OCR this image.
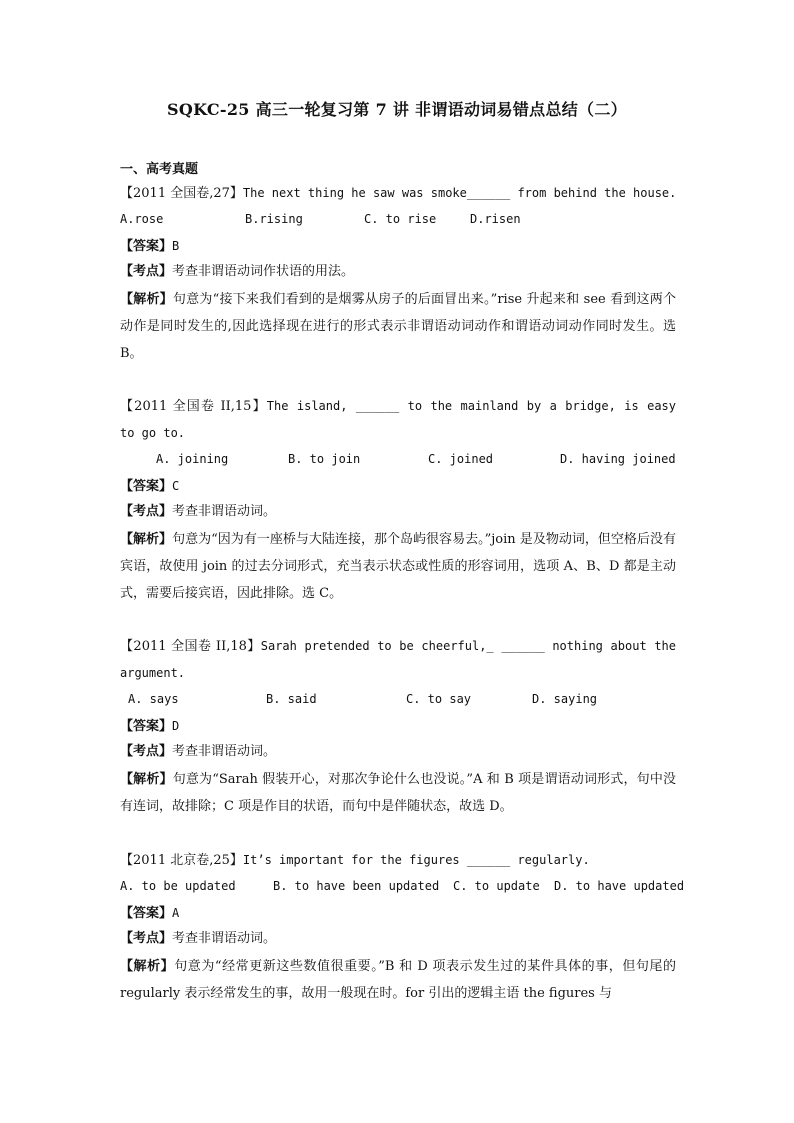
SQKC-25 高三一轮复习第 7 讲 非谓语动词易错点总结（二）
一、高考真题
【2011 全国卷,27】The next thing he saw was smoke______ from behind the house.
A.rose	B.rising	C. to rise	D.risen
【答案】B
【考点】考查非谓语动词作状语的用法。
【解析】句意为“接下来我们看到的是烟雾从房子的后面冒出来。”rise 升起来和 see 看到这两个动作是同时发生的,因此选择现在进行的形式表示非谓语动词动作和谓语动词动作同时发生。选 B。
【2011 全国卷 II,15】The island, ______ to the mainland by a bridge, is easy to go to.
A. joining	B. to join	C. joined	D. having joined
【答案】C
【考点】考查非谓语动词。
【解析】句意为“因为有一座桥与大陆连接，那个岛屿很容易去。”join 是及物动词，但空格后没有宾语，故使用 join 的过去分词形式，充当表示状态或性质的形容词用，选项 A、B、D 都是主动式，需要后接宾语，因此排除。选 C。
【2011 全国卷 II,18】Sarah pretended to be cheerful,_ ______ nothing about the argument.
A. says	B. said	C. to say	D. saying
【答案】D
【考点】考查非谓语动词。
【解析】句意为“Sarah 假装开心，对那次争论什么也没说。”A 和 B 项是谓语动词形式，句中没有连词，故排除；C 项是作目的状语，而句中是伴随状态，故选 D。
【2011 北京卷,25】It’s important for the figures ______ regularly.
A. to be updated	B. to have been updated C. to update D. to have updated
【答案】A
【考点】考查非谓语动词。
【解析】句意为“经常更新这些数值很重要。”B 和 D 项表示发生过的某件具体的事，但句尾的 regularly 表示经常发生的事，故用一般现在时。for 引出的逻辑主语 the figures 与
